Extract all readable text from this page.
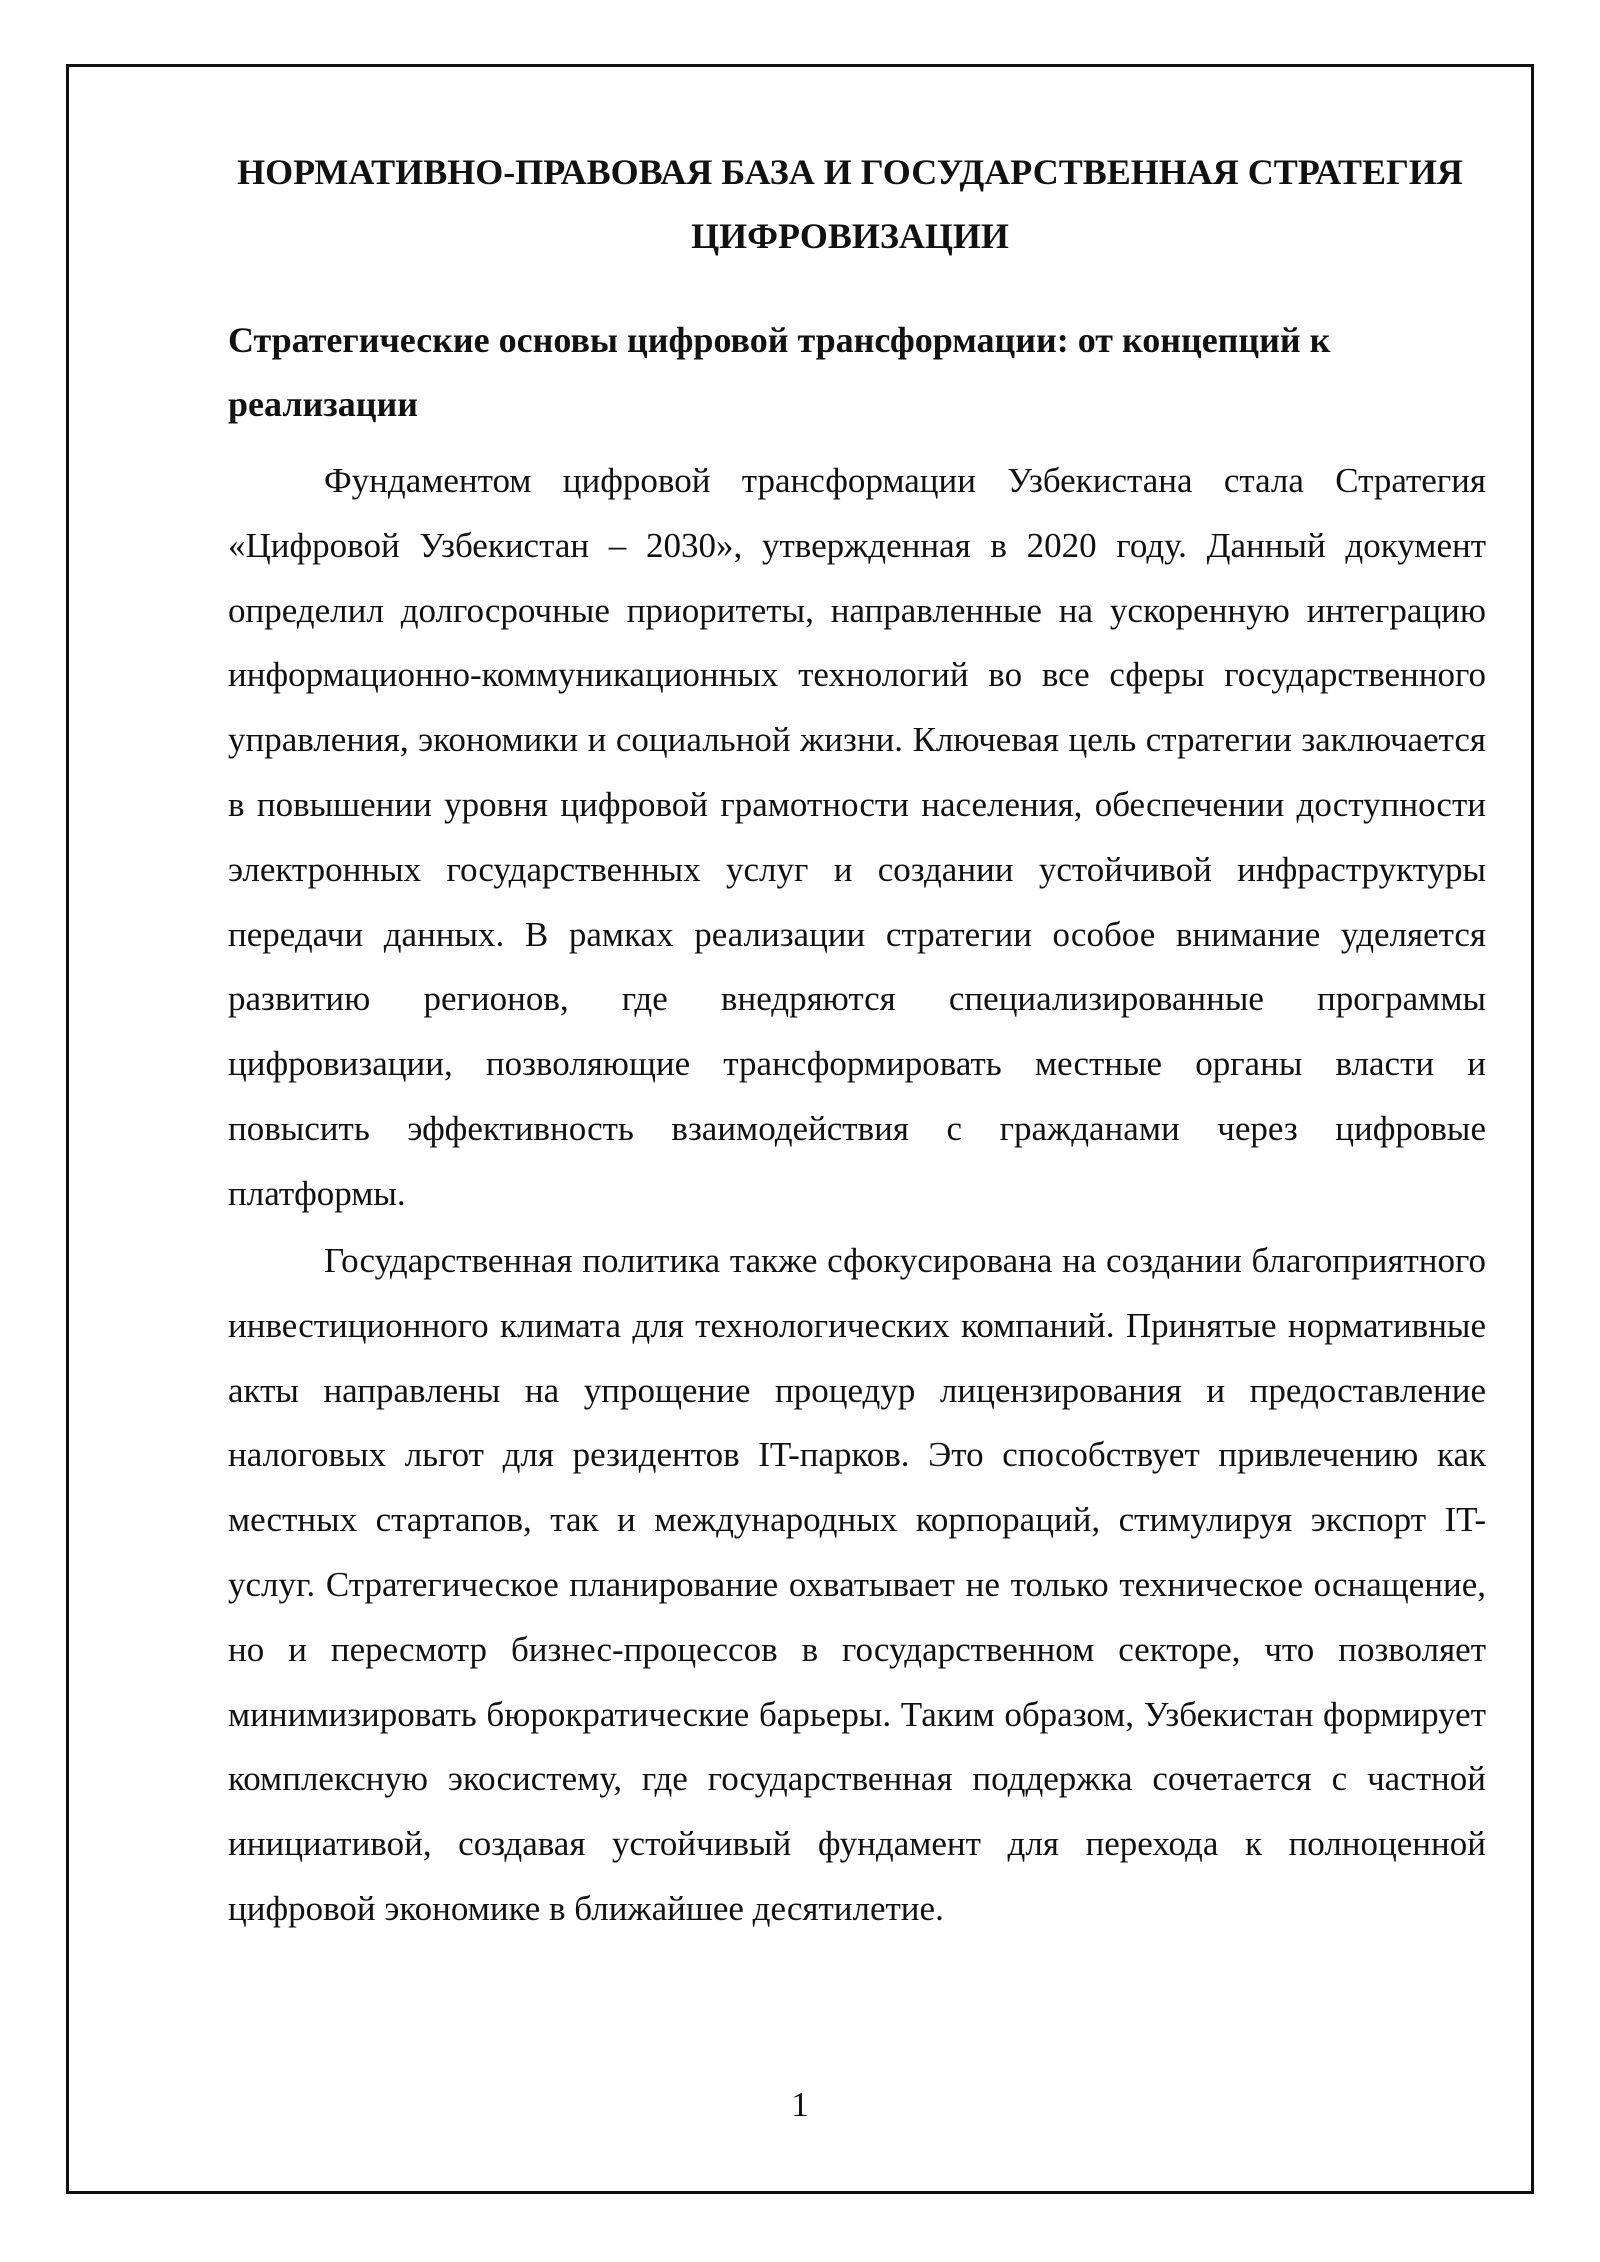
НОРМАТИВНО-ПРАВОВАЯ БАЗА И ГОСУДАРСТВЕННАЯ СТРАТЕГИЯ ЦИФРОВИЗАЦИИ
Стратегические основы цифровой трансформации: от концепций к реализации

Фундаментом цифровой трансформации Узбекистана стала Стратегия «Цифровой Узбекистан – 2030», утвержденная в 2020 году. Данный документ определил долгосрочные приоритеты, направленные на ускоренную интеграцию информационно-коммуникационных технологий во все сферы государственного управления, экономики и социальной жизни. Ключевая цель стратегии заключается в повышении уровня цифровой грамотности населения, обеспечении доступности электронных государственных услуг и создании устойчивой инфраструктуры передачи данных. В рамках реализации стратегии особое внимание уделяется развитию регионов, где внедряются специализированные программы цифровизации, позволяющие трансформировать местные органы власти и повысить эффективность взаимодействия с гражданами через цифровые платформы.

Государственная политика также сфокусирована на создании благоприятного инвестиционного климата для технологических компаний. Принятые нормативные акты направлены на упрощение процедур лицензирования и предоставление налоговых льгот для резидентов IT-парков. Это способствует привлечению как местных стартапов, так и международных корпораций, стимулируя экспорт IT-услуг. Стратегическое планирование охватывает не только техническое оснащение, но и пересмотр бизнес-процессов в государственном секторе, что позволяет минимизировать бюрократические барьеры. Таким образом, Узбекистан формирует комплексную экосистему, где государственная поддержка сочетается с частной инициативой, создавая устойчивый фундамент для перехода к полноценной цифровой экономике в ближайшее десятилетие.

1
